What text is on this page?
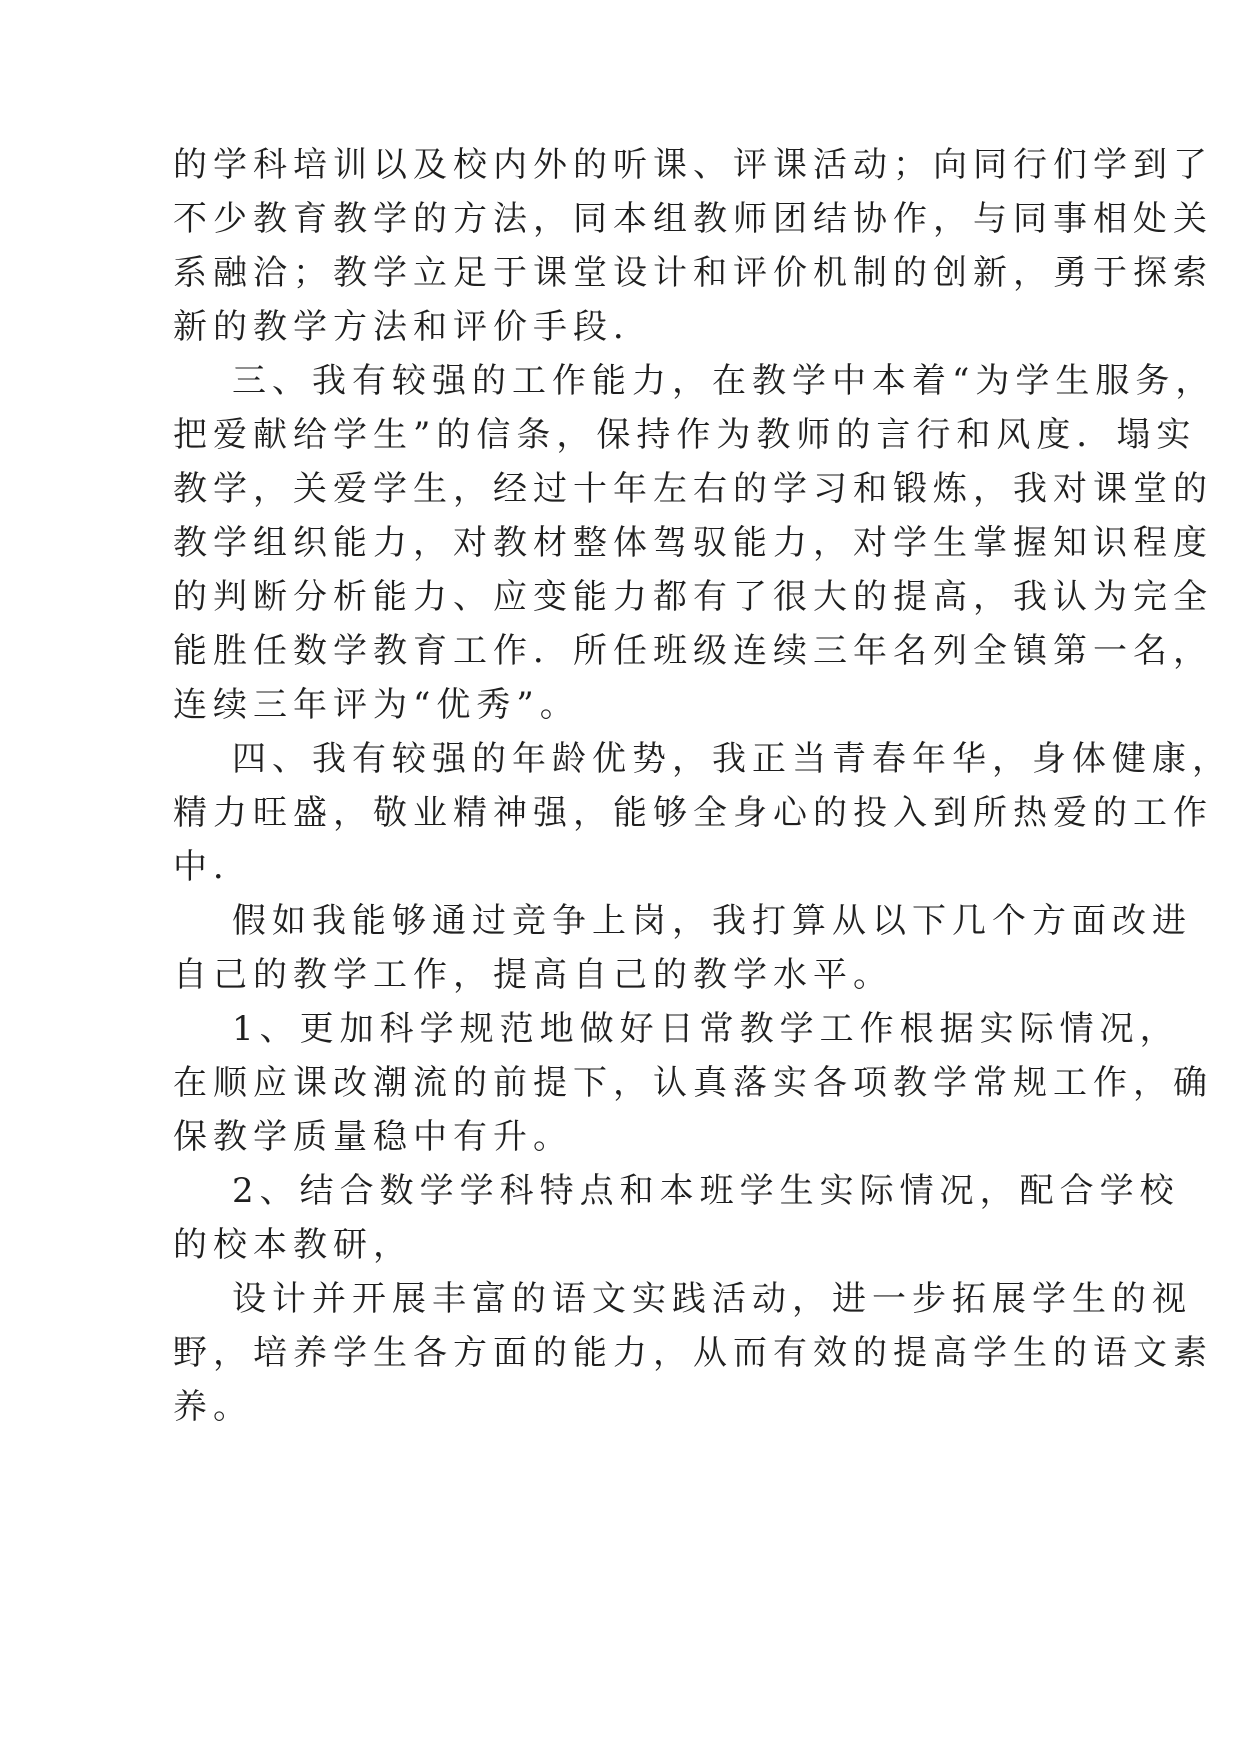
的学科培训以及校内外的听课、评课活动；向同行们学到了
不少教育教学的方法，同本组教师团结协作，与同事相处关
系融洽；教学立足于课堂设计和评价机制的创新，勇于探索
新的教学方法和评价手段．
三、我有较强的工作能力，在教学中本着“为学生服务，
把爱献给学生”的信条，保持作为教师的言行和风度．塌实
教学，关爱学生，经过十年左右的学习和锻炼，我对课堂的
教学组织能力，对教材整体驾驭能力，对学生掌握知识程度
的判断分析能力、应变能力都有了很大的提高，我认为完全
能胜任数学教育工作．所任班级连续三年名列全镇第一名，
连续三年评为“优秀”。
四、我有较强的年龄优势，我正当青春年华，身体健康，
精力旺盛，敬业精神强，能够全身心的投入到所热爱的工作
中．
假如我能够通过竞争上岗，我打算从以下几个方面改进
自己的教学工作，提高自己的教学水平。
1、更加科学规范地做好日常教学工作根据实际情况，
在顺应课改潮流的前提下，认真落实各项教学常规工作，确
保教学质量稳中有升。
2、结合数学学科特点和本班学生实际情况，配合学校
的校本教研，
设计并开展丰富的语文实践活动，进一步拓展学生的视
野，培养学生各方面的能力，从而有效的提高学生的语文素
养。
